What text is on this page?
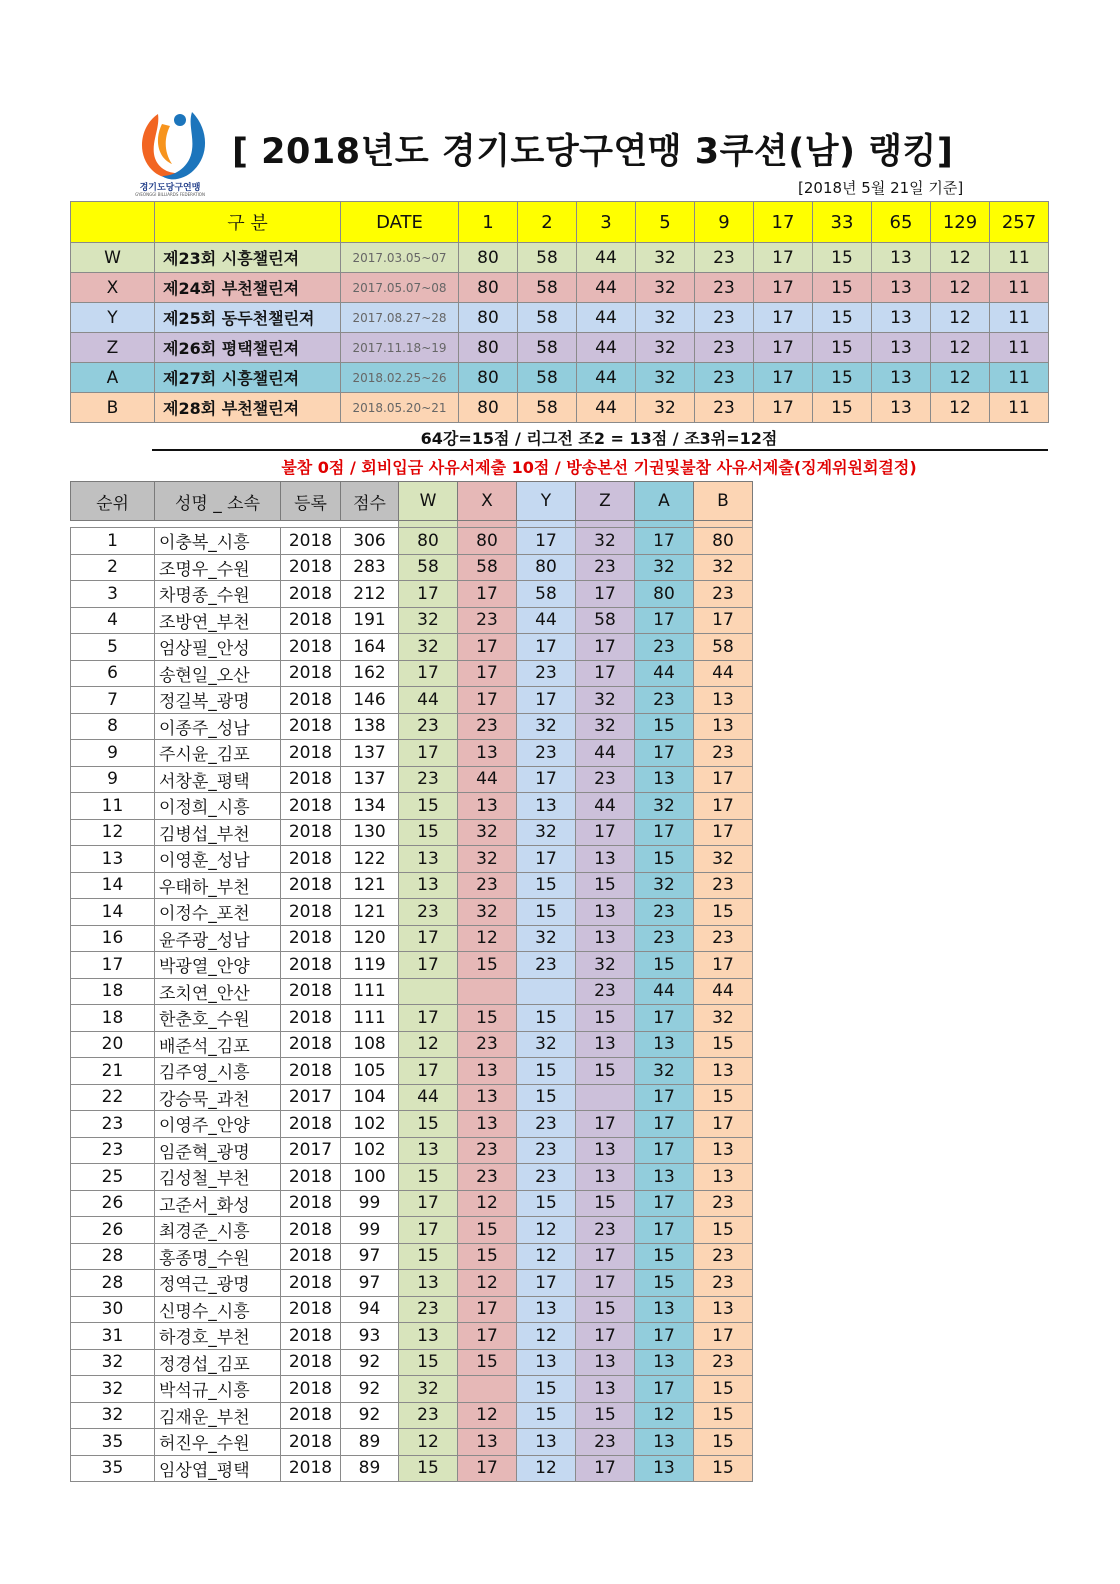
경기도당구연맹
GYEONGGI BILLIARDS FEDERATION
[ 2018년도 경기도당구연맹 3쿠션(남) 랭킹]
[2018년 5월 21일 기준]
	구 분	DATE	1	2	3	5	9	17	33	65	129	257
W	제23회 시흥챌린져	2017.03.05~07	80	58	44	32	23	17	15	13	12	11
X	제24회 부천챌린져	2017.05.07~08	80	58	44	32	23	17	15	13	12	11
Y	제25회 동두천챌린져	2017.08.27~28	80	58	44	32	23	17	15	13	12	11
Z	제26회 평택챌린져	2017.11.18~19	80	58	44	32	23	17	15	13	12	11
A	제27회 시흥챌린져	2018.02.25~26	80	58	44	32	23	17	15	13	12	11
B	제28회 부천챌린져	2018.05.20~21	80	58	44	32	23	17	15	13	12	11
64강=15점 / 리그전 조2 = 13점 / 조3위=12점
불참 0점 / 회비입금 사유서제출 10점 / 방송본선 기권및불참 사유서제출(징계위원회결정)
순위	성명 _ 소속	등록	점수	W	X	Y	Z	A	B

1	이충복_시흥	2018	306	80	80	17	32	17	80
2	조명우_수원	2018	283	58	58	80	23	32	32
3	차명종_수원	2018	212	17	17	58	17	80	23
4	조방연_부천	2018	191	32	23	44	58	17	17
5	엄상필_안성	2018	164	32	17	17	17	23	58
6	송현일_오산	2018	162	17	17	23	17	44	44
7	정길복_광명	2018	146	44	17	17	32	23	13
8	이종주_성남	2018	138	23	23	32	32	15	13
9	주시윤_김포	2018	137	17	13	23	44	17	23
9	서창훈_평택	2018	137	23	44	17	23	13	17
11	이정희_시흥	2018	134	15	13	13	44	32	17
12	김병섭_부천	2018	130	15	32	32	17	17	17
13	이영훈_성남	2018	122	13	32	17	13	15	32
14	우태하_부천	2018	121	13	23	15	15	32	23
14	이정수_포천	2018	121	23	32	15	13	23	15
16	윤주광_성남	2018	120	17	12	32	13	23	23
17	박광열_안양	2018	119	17	15	23	32	15	17
18	조치연_안산	2018	111				23	44	44
18	한춘호_수원	2018	111	17	15	15	15	17	32
20	배준석_김포	2018	108	12	23	32	13	13	15
21	김주영_시흥	2018	105	17	13	15	15	32	13
22	강승묵_과천	2017	104	44	13	15		17	15
23	이영주_안양	2018	102	15	13	23	17	17	17
23	임준혁_광명	2017	102	13	23	23	13	17	13
25	김성철_부천	2018	100	15	23	23	13	13	13
26	고준서_화성	2018	99	17	12	15	15	17	23
26	최경준_시흥	2018	99	17	15	12	23	17	15
28	홍종명_수원	2018	97	15	15	12	17	15	23
28	정역근_광명	2018	97	13	12	17	17	15	23
30	신명수_시흥	2018	94	23	17	13	15	13	13
31	하경호_부천	2018	93	13	17	12	17	17	17
32	정경섭_김포	2018	92	15	15	13	13	13	23
32	박석규_시흥	2018	92	32		15	13	17	15
32	김재운_부천	2018	92	23	12	15	15	12	15
35	허진우_수원	2018	89	12	13	13	23	13	15
35	임상엽_평택	2018	89	15	17	12	17	13	15
